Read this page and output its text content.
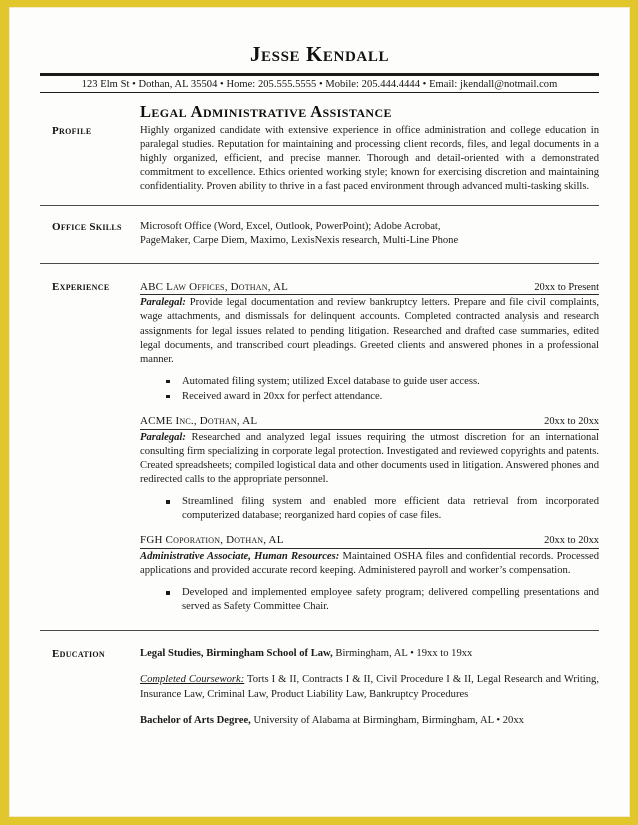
Jesse Kendall
123 Elm St • Dothan, AL 35504 • Home: 205.555.5555 • Mobile: 205.444.4444 • Email: jkendall@notmail.com
Legal Administrative Assistance
Profile	Highly organized candidate with extensive experience in office administration and college education in paralegal studies. Reputation for maintaining and processing client records, files, and legal documents in a highly organized, efficient, and precise manner. Thorough and detail-oriented with a demonstrated commitment to excellence. Ethics oriented working style; known for exercising discretion and maintaining confidentiality. Proven ability to thrive in a fast paced environment through advanced multi-tasking skills.
Office Skills	Microsoft Office (Word, Excel, Outlook, PowerPoint); Adobe Acrobat,
PageMaker, Carpe Diem, Maximo, LexisNexis research, Multi-Line Phone
Experience	ABC Law Offices, Dothan, AL	20xx to Present
Paralegal: Provide legal documentation and review bankruptcy letters. Prepare and file civil complaints, wage attachments, and dismissals for delinquent accounts. Completed contracted analysis and research assignments for legal issues related to pending litigation. Researched and drafted case summaries, edited legal documents, and transcribed court pleadings. Greeted clients and answered phones in a professional manner.
Automated filing system; utilized Excel database to guide user access.
Received award in 20xx for perfect attendance.
ACME Inc., Dothan, AL	20xx to 20xx
Paralegal: Researched and analyzed legal issues requiring the utmost discretion for an international consulting firm specializing in corporate legal protection. Investigated and reviewed copyrights and patents. Created spreadsheets; compiled logistical data and other documents used in litigation. Answered phones and redirected calls to the appropriate personnel.
Streamlined filing system and enabled more efficient data retrieval from incorporated computerized database; reorganized hard copies of case files.
FGH Coporation, Dothan, AL	20xx to 20xx
Administrative Associate, Human Resources: Maintained OSHA files and confidential records. Processed applications and provided accurate record keeping. Administered payroll and worker’s compensation.
Developed and implemented employee safety program; delivered compelling presentations and served as Safety Committee Chair.
Education	Legal Studies, Birmingham School of Law, Birmingham, AL • 19xx to 19xx
Completed Coursework: Torts I & II, Contracts I & II, Civil Procedure I & II, Legal Research and Writing, Insurance Law, Criminal Law, Product Liability Law, Bankruptcy Procedures
Bachelor of Arts Degree, University of Alabama at Birmingham, Birmingham, AL • 20xx
